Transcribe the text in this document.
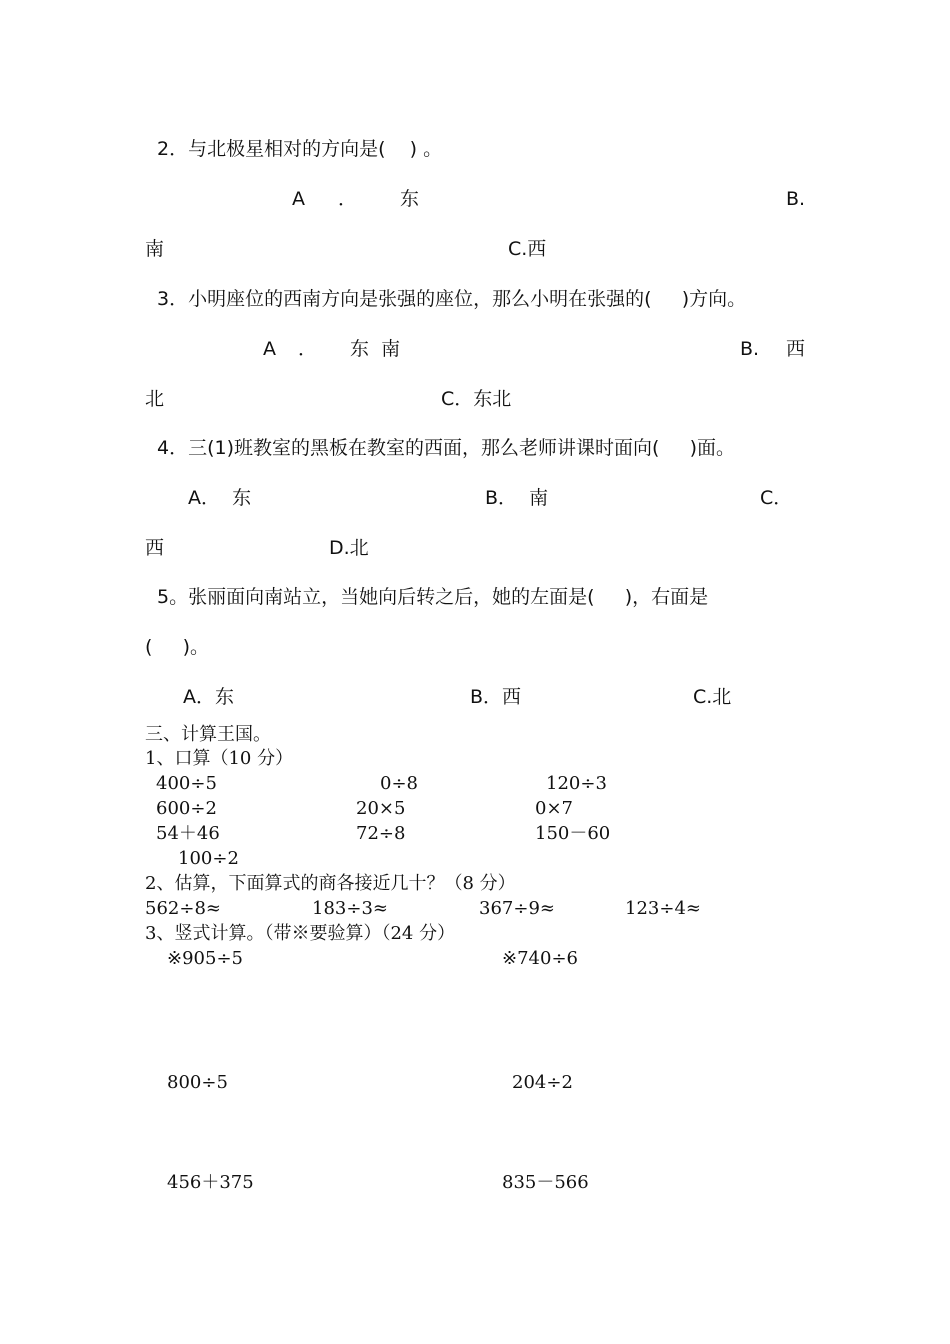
2．与北极星相对的方向是(    ) 。
A ． 东	B.
南	C.西
3．小明座位的西南方向是张强的座位，那么小明在张强的(     )方向。
A ． 东  南	B. 西
北	C．东北
4．三(1)班教室的黑板在教室的西面，那么老师讲课时面向(     )面。
A．  东	B．  南	C．
西	D.北
5。张丽面向南站立，当她向后转之后，她的左面是(     )，右面是
(     )。
A．东	B．西	C.北
三、计算王国。
1、口算（10 分）
400÷5	0÷8	120÷3
600÷2	20×5	0×7
54＋46	72÷8	150－60
100÷2
2、估算，下面算式的商各接近几十？（8 分）
562÷8≈	183÷3≈	367÷9≈	123÷4≈
3、竖式计算。（带※要验算）（24 分）
※905÷5	※740÷6
800÷5	204÷2
456＋375	835－566
